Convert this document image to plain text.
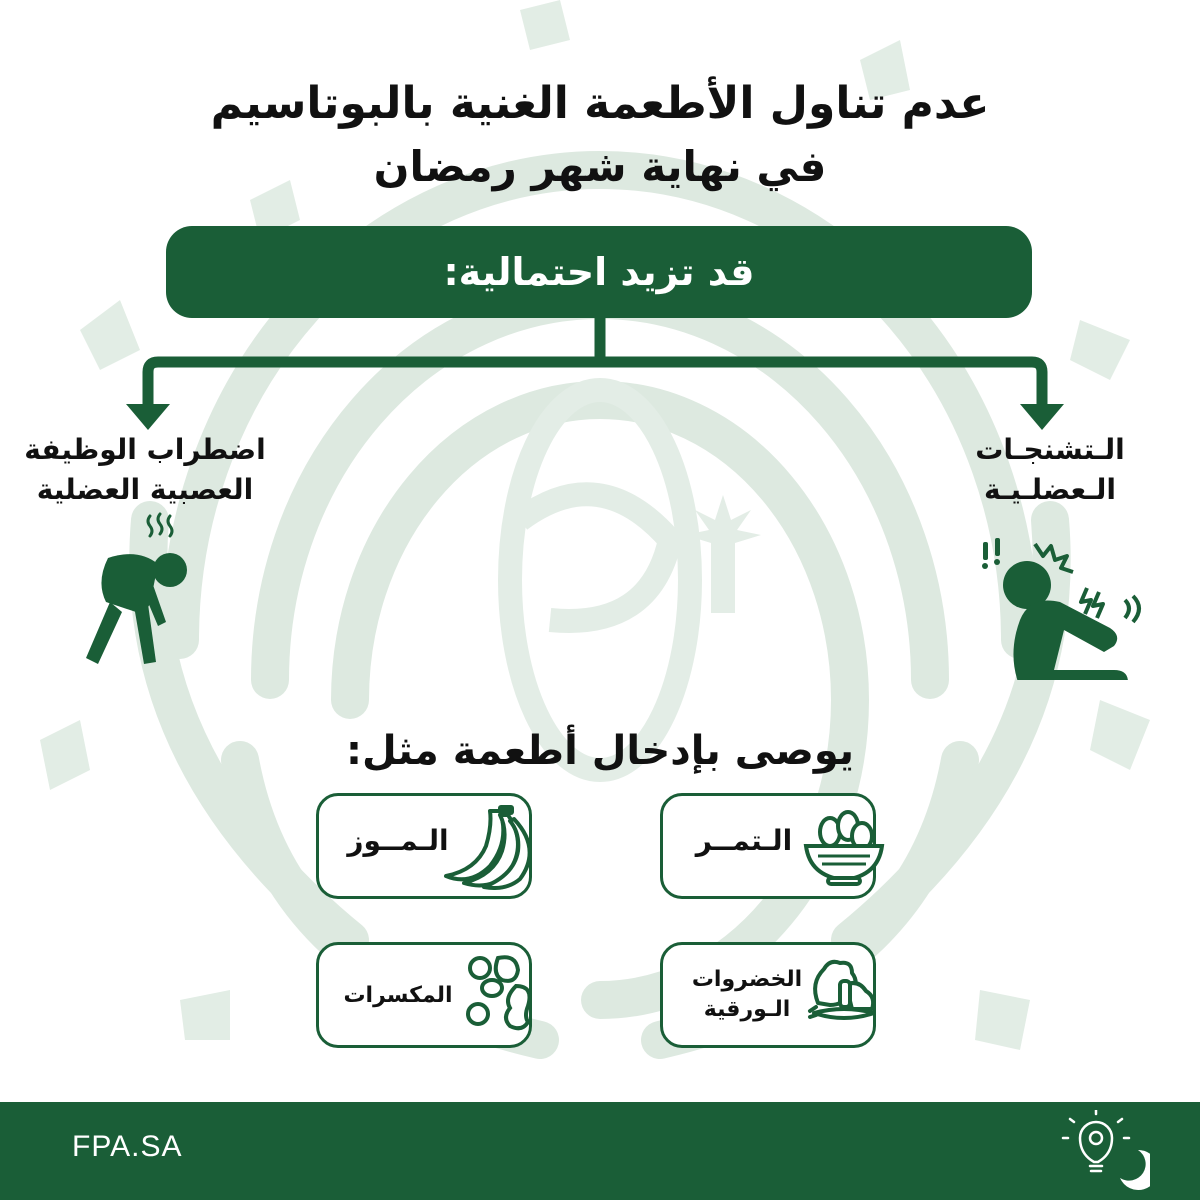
عدم تناول الأطعمة الغنية بالبوتاسيم
في نهاية شهر رمضان
قد تزيد احتمالية:
اضطراب الوظيفة
العصبية العضلية
الـتشنجـات
الـعضلـيـة
يوصى بإدخال أطعمة مثل:
الـمــوز	الـتمــر
المكسرات
الخضروات
الـورقية
FPA.SA
